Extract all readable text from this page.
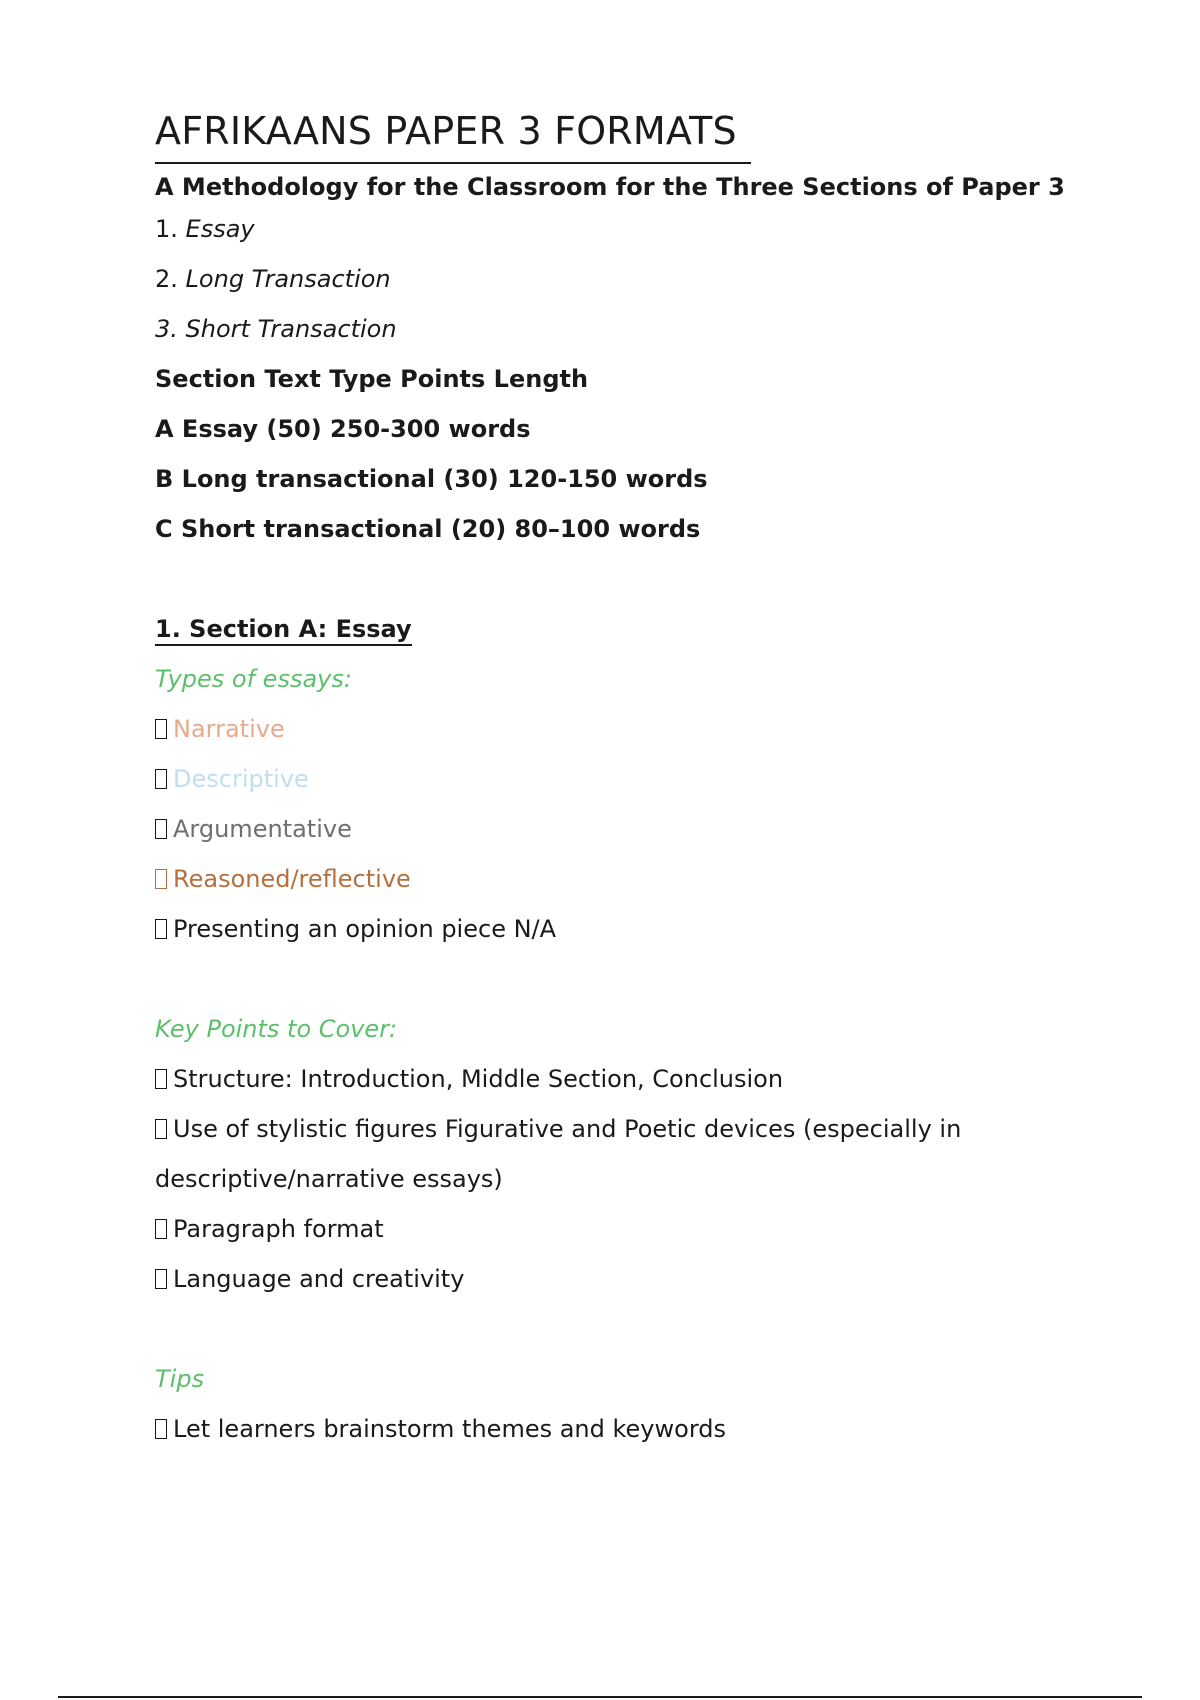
AFRIKAANS PAPER 3 FORMATS

A Methodology for the Classroom for the Three Sections of Paper 3

1. Essay

2. Long Transaction

3. Short Transaction

Section Text Type Points Length

A Essay (50) 250-300 words

B Long transactional (30) 120-150 words

C Short transactional (20) 80–100 words

1. Section A: Essay

Types of essays:

Narrative

Descriptive

Argumentative

Reasoned/reflective

Presenting an opinion piece N/A

Key Points to Cover:

Structure: Introduction, Middle Section, Conclusion

Use of stylistic figures Figurative and Poetic devices (especially in descriptive/narrative essays)

Paragraph format

Language and creativity

Tips

Let learners brainstorm themes and keywords
